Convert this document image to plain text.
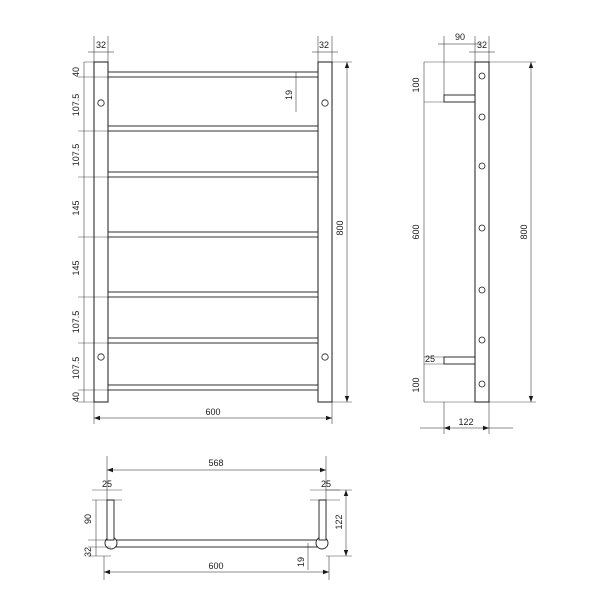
32	32
40
107.5
107.5
145
145
107.5
107.5
40
19
800
600
90
32
100
600
25
100
800
122
568
25	25
90
32
122
19
600
